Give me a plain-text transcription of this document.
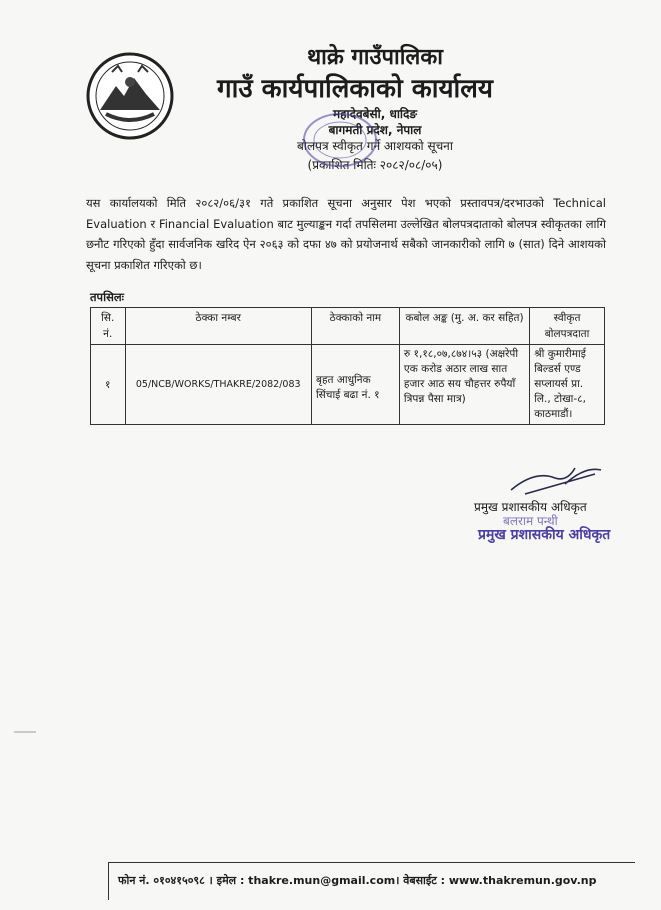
थाक्रे गाउँपालिका
गाउँ कार्यपालिकाको कार्यालय
महादेवबेसी, धादिङ
बागमती प्रदेश, नेपाल
बोलपत्र स्वीकृत गर्ने आशयको सूचना
(प्रकाशित मितिः २०८२/०८/०५)
यस कार्यालयको मिति २०८२/०६/३१ गते प्रकाशित सूचना अनुसार पेश भएको प्रस्तावपत्र/दरभाउको Technical Evaluation र Financial Evaluation बाट मुल्याङ्कन गर्दा तपसिलमा उल्लेखित बोलपत्रदाताको बोलपत्र स्वीकृतका लागि छनौट गरिएको हुँदा सार्वजनिक खरिद ऐन २०६३ को दफा ४७ को प्रयोजनार्थ सबैको जानकारीको लागि ७ (सात) दिने आशयको सूचना प्रकाशित गरिएको छ।
तपसिलः
सि. नं.	ठेक्का नम्बर	ठेक्काको नाम	कबोल अङ्क (मु. अ. कर सहित)	स्वीकृत बोलपत्रदाता
१	05/NCB/WORKS/THAKRE/2082/083	बृहत आधुनिक सिंचाई बढा नं. १	रु १,१८,०७,८७४।५३ (अक्षरेपी एक करोड अठार लाख सात हजार आठ सय चौहत्तर रुपैयाँ त्रिपन्न पैसा मात्र)	श्री कुमारीमाई बिल्डर्स एण्ड सप्लायर्स प्रा. लि., टोखा-८, काठमाडौं।
प्रमुख प्रशासकीय अधिकृत
बलराम पन्थी
प्रमुख प्रशासकीय अधिकृत
फोन नं. ०१०४१५०९८ । इमेल : thakre.mun@gmail.com। वेबसाईट : www.thakremun.gov.np
